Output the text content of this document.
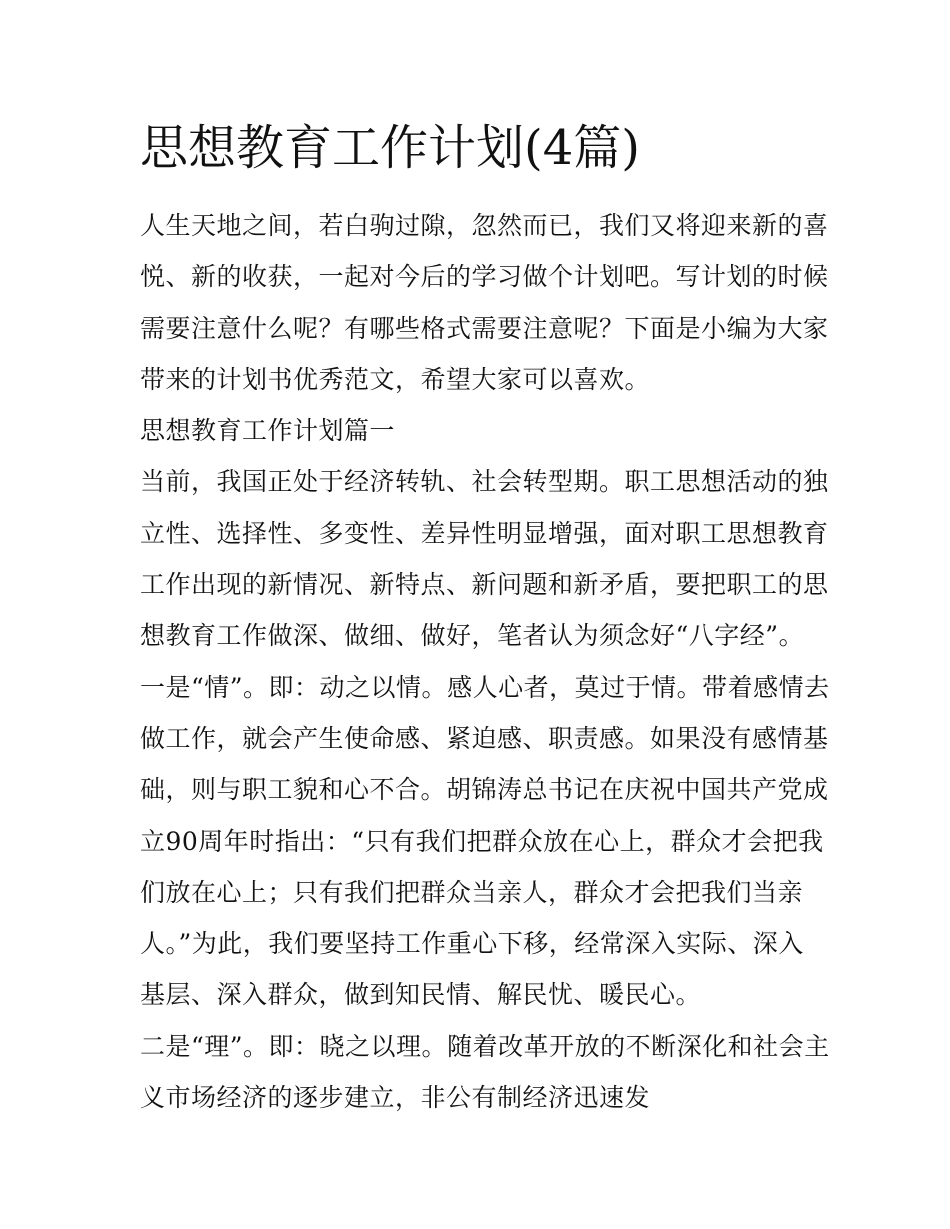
思想教育工作计划(4篇)
人生天地之间，若白驹过隙，忽然而已，我们又将迎来新的喜
悦、新的收获，一起对今后的学习做个计划吧。写计划的时候
需要注意什么呢？有哪些格式需要注意呢？下面是小编为大家
带来的计划书优秀范文，希望大家可以喜欢。
思想教育工作计划篇一
当前，我国正处于经济转轨、社会转型期。职工思想活动的独
立性、选择性、多变性、差异性明显增强，面对职工思想教育
工作出现的新情况、新特点、新问题和新矛盾，要把职工的思
想教育工作做深、做细、做好，笔者认为须念好“八字经”。
一是“情”。即：动之以情。感人心者，莫过于情。带着感情去
做工作，就会产生使命感、紧迫感、职责感。如果没有感情基
础，则与职工貌和心不合。胡锦涛总书记在庆祝中国共产党成
立90周年时指出：“只有我们把群众放在心上，群众才会把我
们放在心上；只有我们把群众当亲人，群众才会把我们当亲
人。”为此，我们要坚持工作重心下移，经常深入实际、深入
基层、深入群众，做到知民情、解民忧、暖民心。
二是“理”。即：晓之以理。随着改革开放的不断深化和社会主
义市场经济的逐步建立，非公有制经济迅速发
